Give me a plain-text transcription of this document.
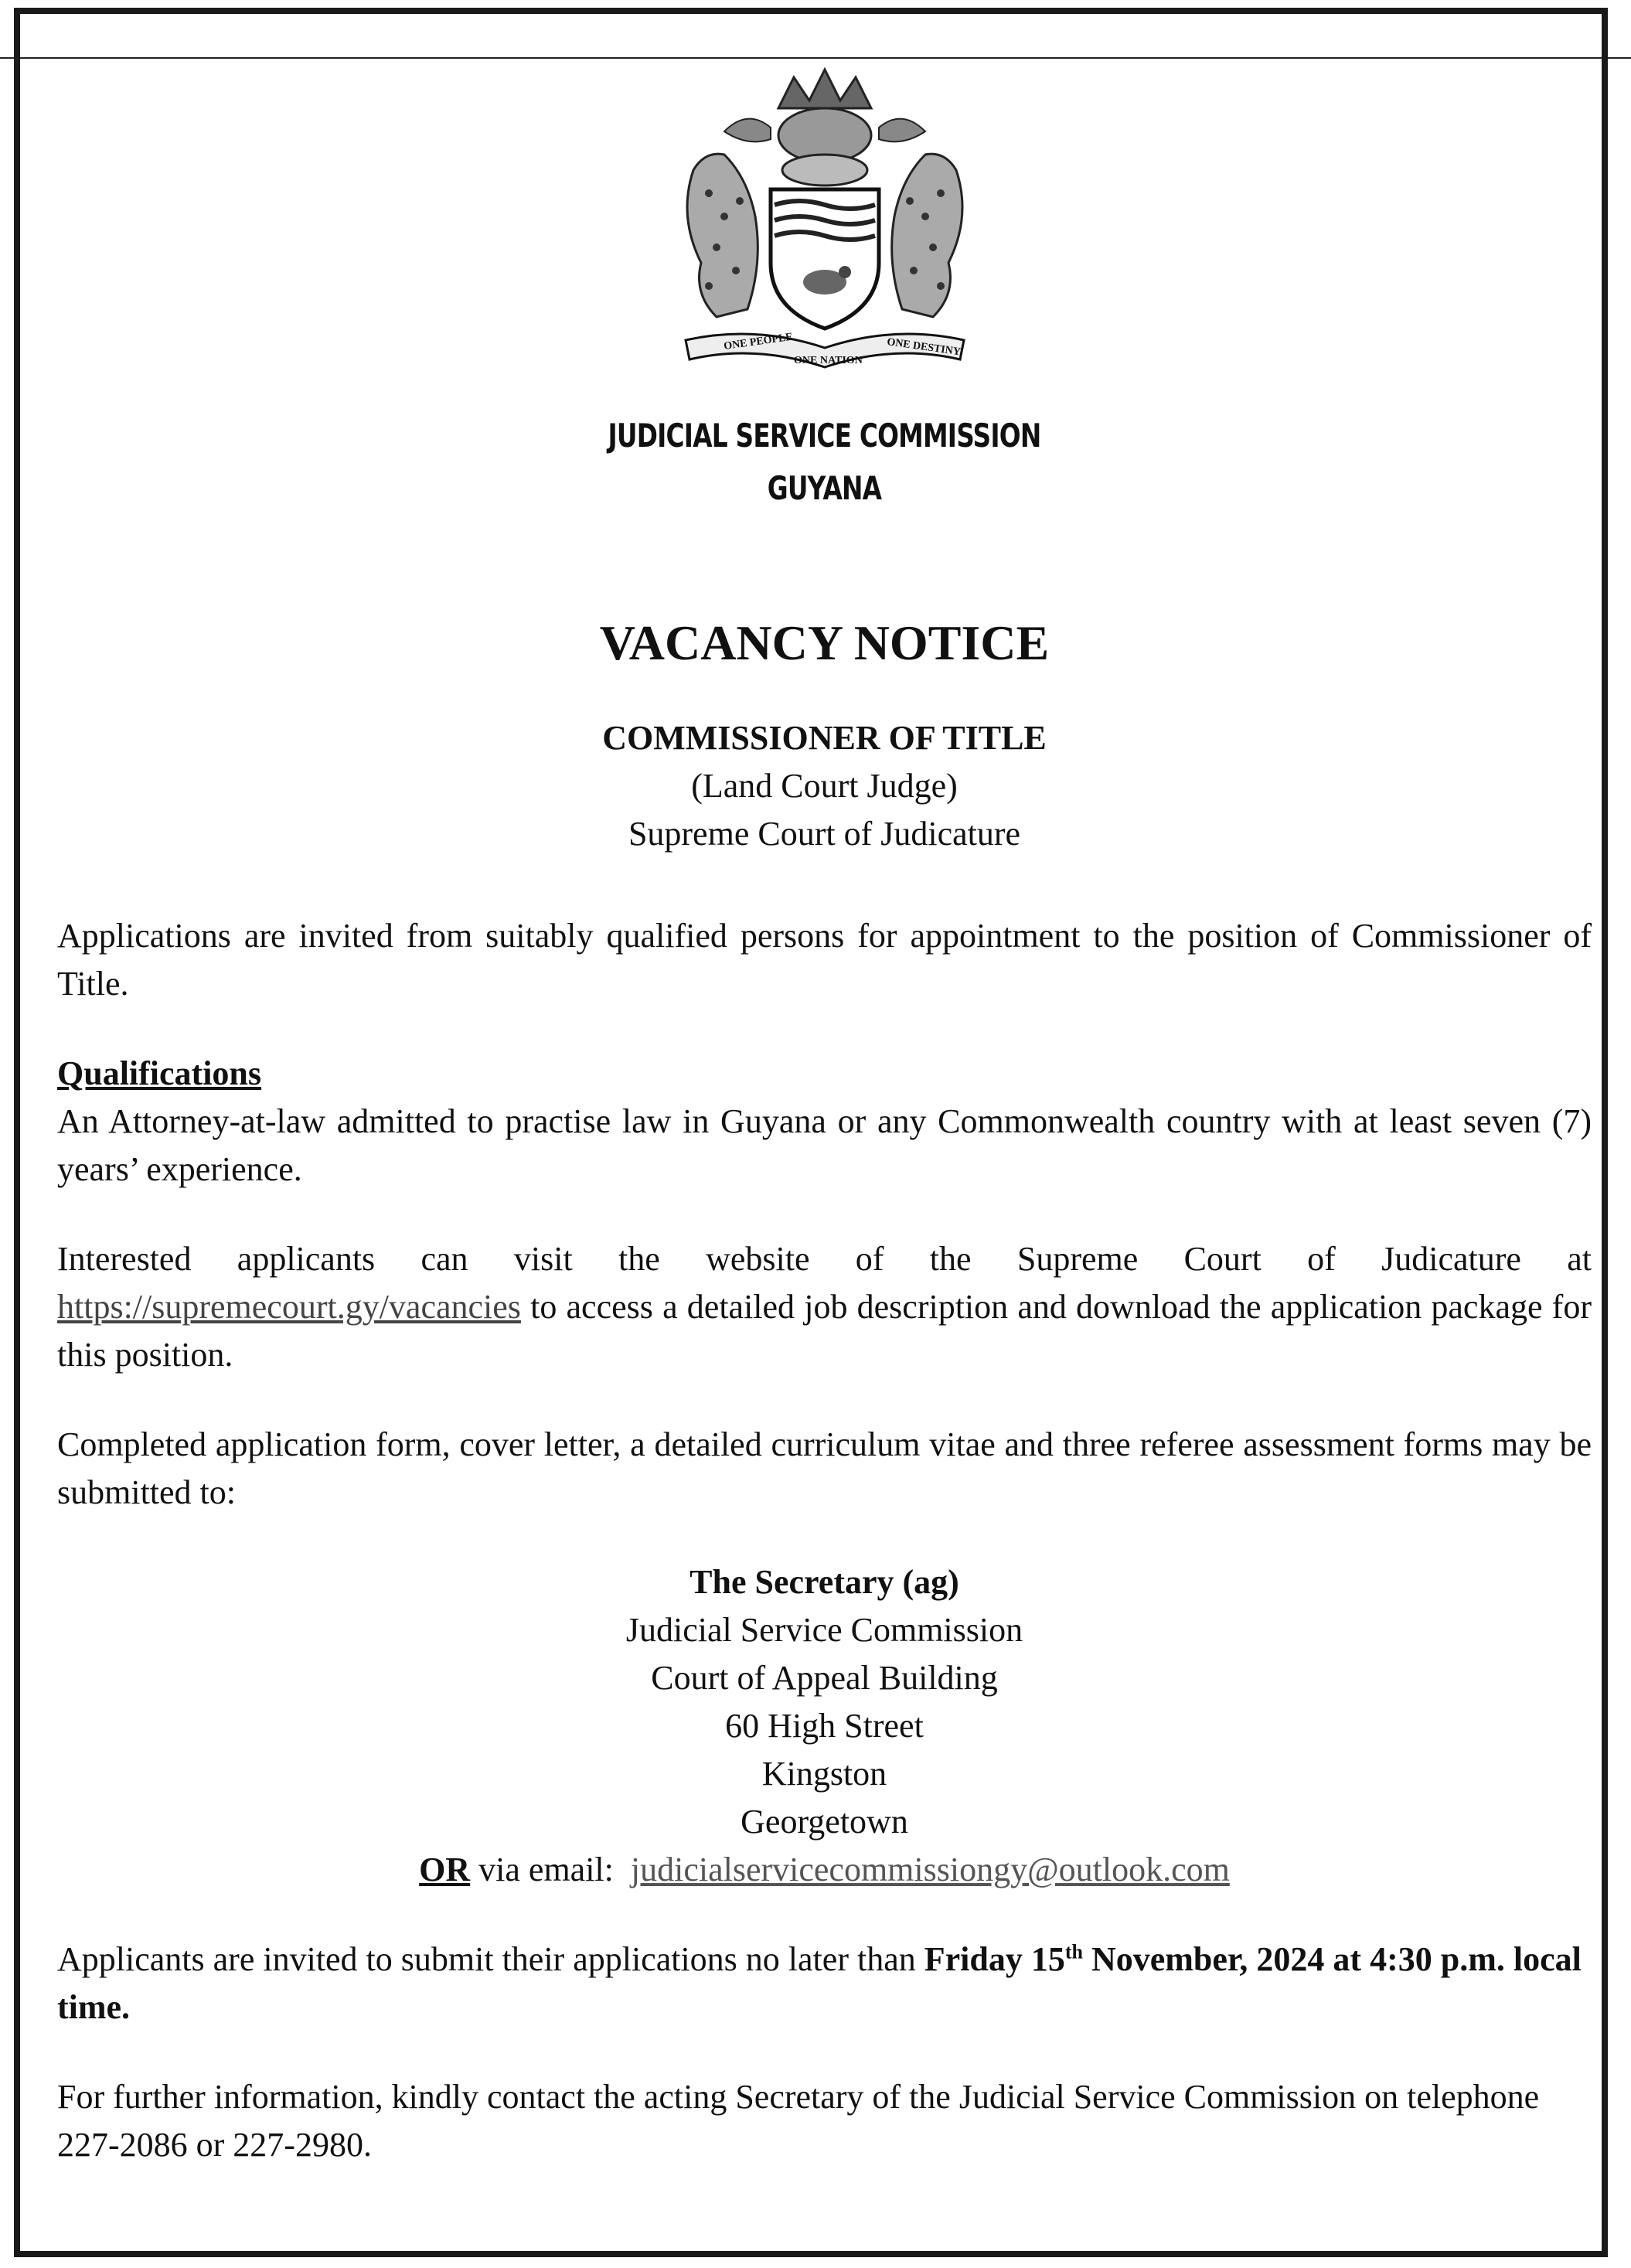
ONE PEOPLE
ONE NATION
ONE DESTINY
JUDICIAL SERVICE COMMISSION
GUYANA
VACANCY NOTICE
COMMISSIONER OF TITLE
(Land Court Judge)
Supreme Court of Judicature

Applications are invited from suitably qualified persons for appointment to the position of Commissioner of Title.

Qualifications

An Attorney-at-law admitted to practise law in Guyana or any Commonwealth country with at least seven (7) years’ experience.

Interested applicants can visit the website of the Supreme Court of Judicature at https://supremecourt.gy/vacancies to access a detailed job description and download the application package for this position.

Completed application form, cover letter, a detailed curriculum vitae and three referee assessment forms may be submitted to:

The Secretary (ag)
Judicial Service Commission
Court of Appeal Building
60 High Street
Kingston
Georgetown
OR via email:  judicialservicecommissiongy@outlook.com

Applicants are invited to submit their applications no later than Friday 15th November, 2024 at 4:30 p.m. local time.

For further information, kindly contact the acting Secretary of the Judicial Service Commission on telephone 227-2086 or 227-2980.
